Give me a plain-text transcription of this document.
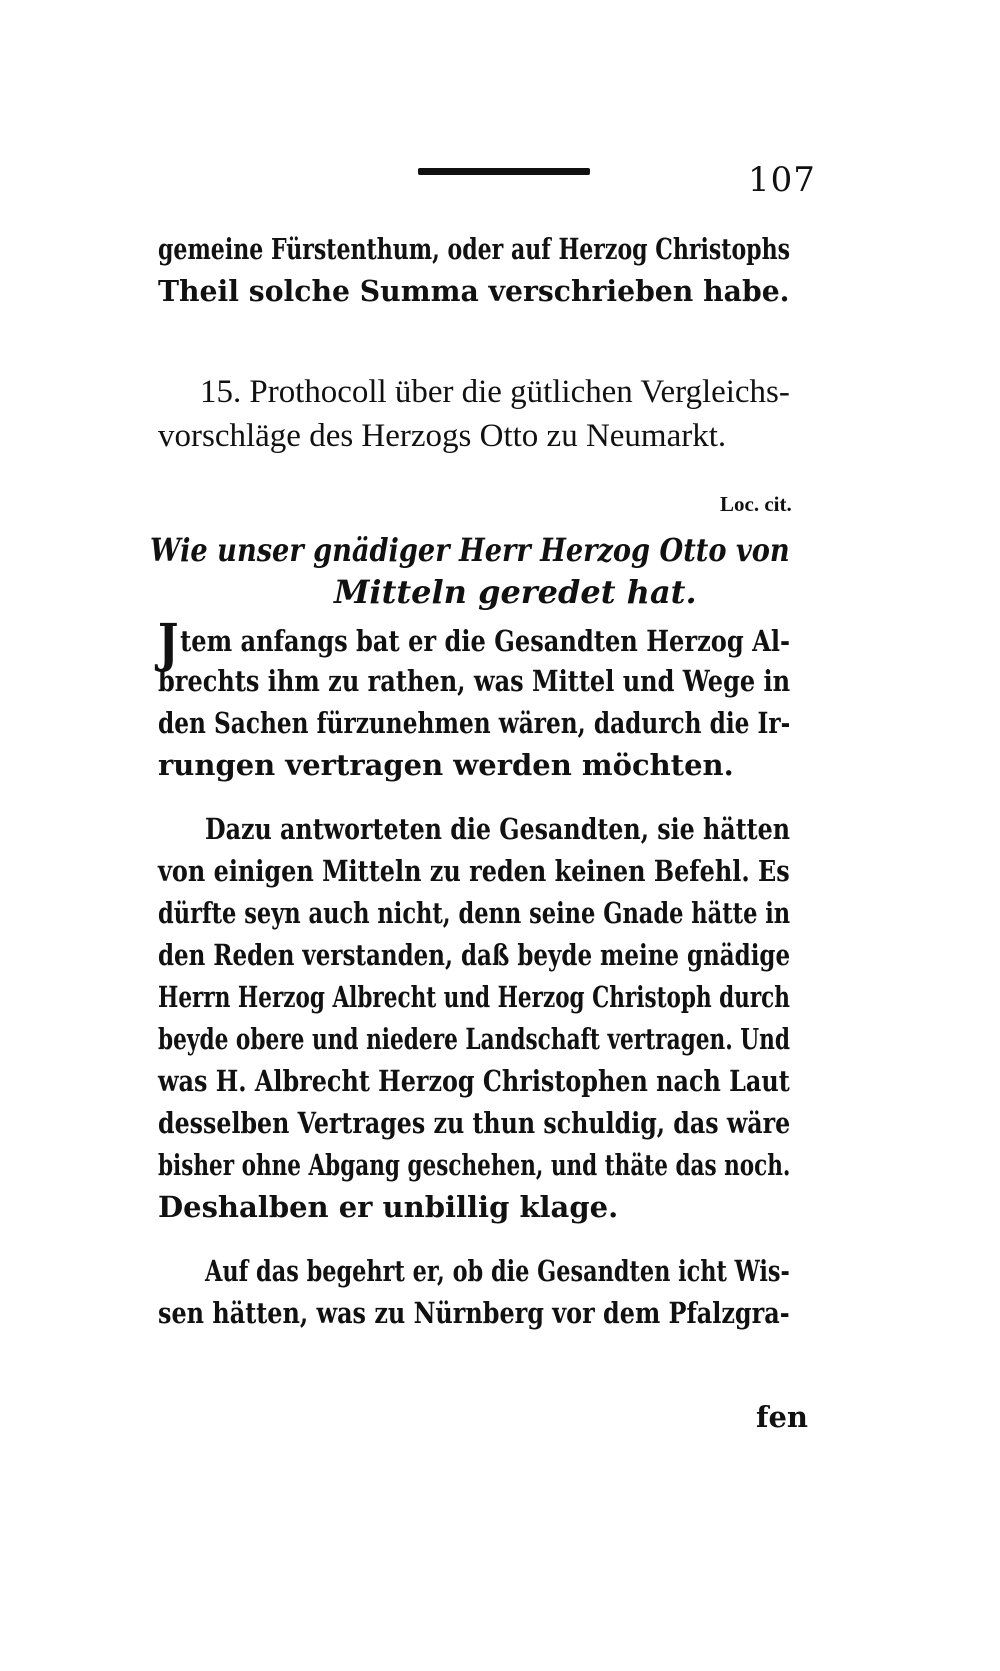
107
gemeine Fürstenthum, oder auf Herzog Christophs
Theil solche Summa verschrieben habe.
15. Prothocoll über die gütlichen Vergleichs-
vorschläge des Herzogs Otto zu Neumarkt.
Loc. cit.
Wie unser gnädiger Herr Herzog Otto von
Mitteln geredet hat.
Jtem anfangs bat er die Gesandten Herzog Al-
brechts ihm zu rathen, was Mittel und Wege in
den Sachen fürzunehmen wären, dadurch die Ir-
rungen vertragen werden möchten.
Dazu antworteten die Gesandten, sie hätten
von einigen Mitteln zu reden keinen Befehl. Es
dürfte seyn auch nicht, denn seine Gnade hätte in
den Reden verstanden, daß beyde meine gnädige
Herrn Herzog Albrecht und Herzog Christoph durch
beyde obere und niedere Landschaft vertragen. Und
was H. Albrecht Herzog Christophen nach Laut
desselben Vertrages zu thun schuldig, das wäre
bisher ohne Abgang geschehen, und thäte das noch.
Deshalben er unbillig klage.
Auf das begehrt er, ob die Gesandten icht Wis-
sen hätten, was zu Nürnberg vor dem Pfalzgra-
fen
